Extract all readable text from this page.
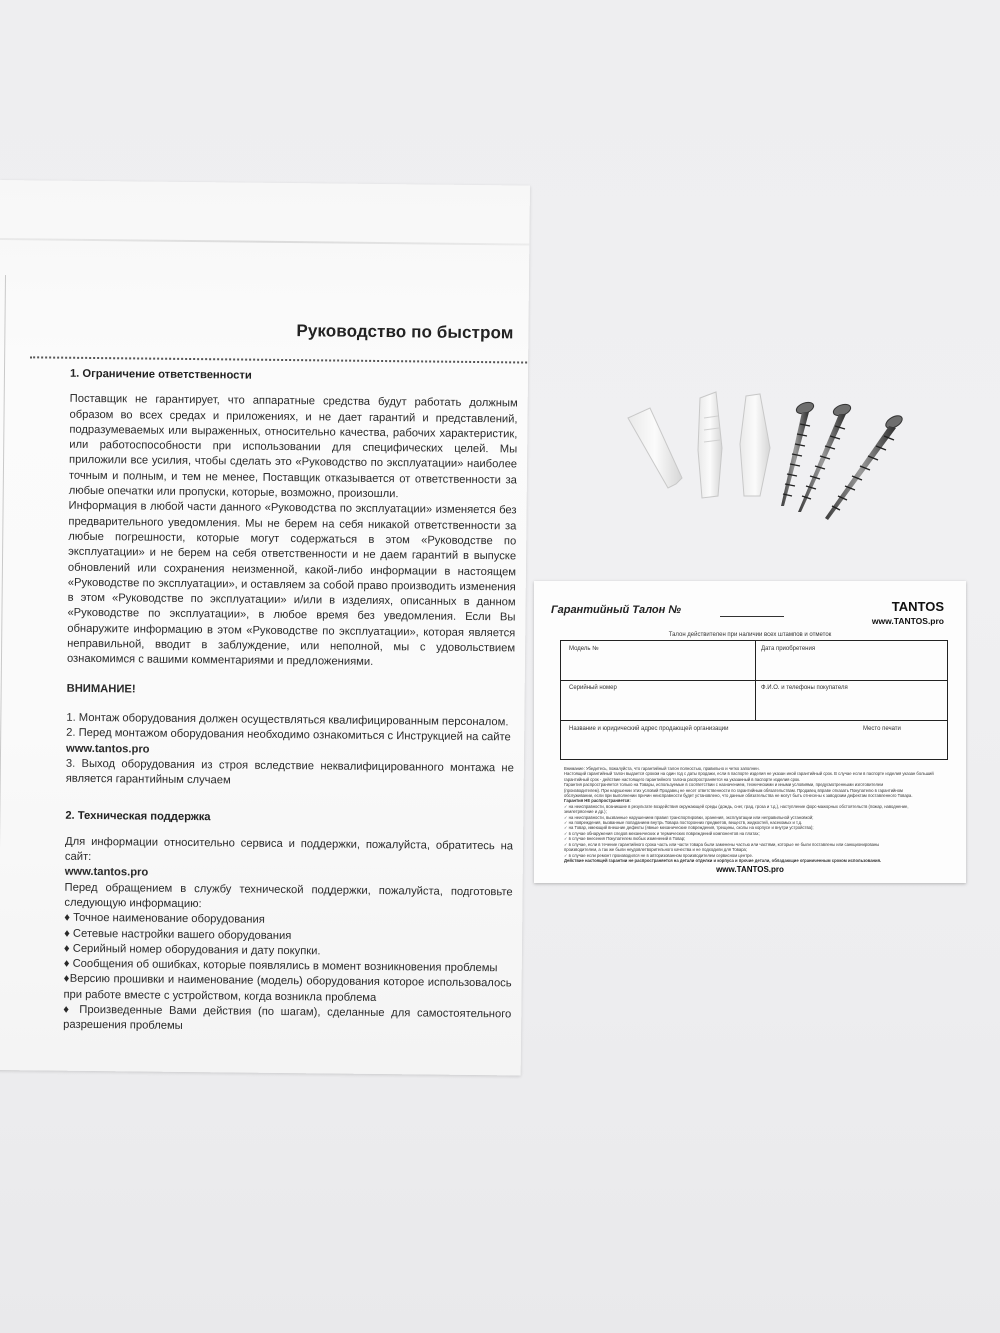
Руководство по быстром
1. Ограничение ответственности

Поставщик не гарантирует, что аппаратные средства будут работать должным образом во всех средах и приложениях, и не дает гарантий и представлений, подразумеваемых или выраженных, относительно качества, рабочих характеристик, или работоспособности при использовании для специфических целей. Мы приложили все усилия, чтобы сделать это «Руководство по эксплуатации» наиболее точным и полным, и тем не менее, Поставщик отказывается от ответственности за любые опечатки или пропуски, которые, возможно, произошли.

Информация в любой части данного «Руководства по эксплуатации» изменяется без предварительного уведомления. Мы не берем на себя никакой ответственности за любые погрешности, которые могут содержаться в этом «Руководстве по эксплуатации» и не берем на себя ответственности и не даем гарантий в выпуске обновлений или сохранения неизменной, какой-либо информации в настоящем «Руководстве по эксплуатации», и оставляем за собой право производить изменения в этом «Руководстве по эксплуатации» и/или в изделиях, описанных в данном «Руководстве по эксплуатации», в любое время без уведомления. Если Вы обнаружите информацию в этом «Руководстве по эксплуатации», которая является неправильной, вводит в заблуждение, или неполной, мы с удовольствием ознакомимся с вашими комментариями и предложениями.

ВНИМАНИЕ!

1. Монтаж оборудования должен осуществляться квалифицированным персоналом.

2. Перед монтажом оборудования необходимо ознакомиться с Инструкцией на сайте

www.tantos.pro

3. Выход оборудования из строя вследствие неквалифицированного монтажа не является гарантийным случаем

2. Техническая поддержка

Для информации относительно сервиса и поддержки, пожалуйста, обратитесь на сайт:

www.tantos.pro

Перед обращением в службу технической поддержки, пожалуйста, подготовьте следующую информацию:

♦ Точное наименование оборудования

♦ Сетевые настройки вашего оборудования

♦ Серийный номер оборудования и дату покупки.

♦ Сообщения об ошибках, которые появлялись в момент возникновения проблемы

♦Версию прошивки и наименование (модель) оборудования которое использовалось при работе вместе с устройством, когда возникла проблема

♦ Произведенные Вами действия (по шагам), сделанные для самостоятельного разрешения проблемы

Гарантийный Талон №	TANTOS
www.TANTOS.pro
Талон действителен при наличии всех штампов и отметок
Модель №	Дата приобретения
Серийный номер	Ф.И.О. и телефоны покупателя
Название и юридический адрес продающей организации	Место печати
Внимание: Убедитесь, пожалуйста, что гарантийный талон полностью, правильно и четко заполнен.
Настоящий гарантийный талон выдается сроком на один год с даты продажи, если в паспорте изделия не указан иной гарантийный срок. В случае если в паспорте изделия указан больший
гарантийный срок - действие настоящего гарантийного талона распространяется на указанный в паспорте изделия срок.
Гарантия распространяется только на Товары, используемые в соответствии с назначением, техническими и иными условиями, предусмотренными изготовителем
(производителем). При нарушении этих условий Продавец не несет ответственности по гарантийным обязательствам. Продавец вправе отказать Покупателю в гарантийном
обслуживании, если при выполнении причин неисправности будет установлено, что данные обязательства не могут быть отнесены к заводским дефектам поставленного Товара.
Гарантия НЕ распространяется:
✓ на неисправности, возникшие в результате воздействия окружающей среды (дождь, снег, град, гроза и т.д.), наступление форс-мажорных обстоятельств (пожар, наводнение,
землетрясение и др.);
✓ на неисправности, вызванные нарушением правил транспортировки, хранения, эксплуатации или неправильной установкой;
✓ на повреждения, вызванные попаданием внутрь Товара посторонних предметов, веществ, жидкостей, насекомых и т.д.
✓ на Товар, имеющий внешние дефекты (явные механические повреждения, трещины, сколы на корпусе и внутри устройства);
✓ в случае обнаружения следов механических и термических повреждений компонентов на платах;
✓ в случае внесения Покупателем любых изменений в Товар;
✓ в случае, если в течение гарантийного срока часть или части товара были заменены частью или частями, которые не были поставлены или санкционированы
производителем, а так же были неудовлетворительного качества и не подходили для Товара;
✓ в случае если ремонт производился не в авторизованном производителем сервисном центре.
Действие настоящей гарантии не распространяется на детали отделки и корпуса и прочие детали, обладающие ограниченным сроком использования.
www.TANTOS.pro
